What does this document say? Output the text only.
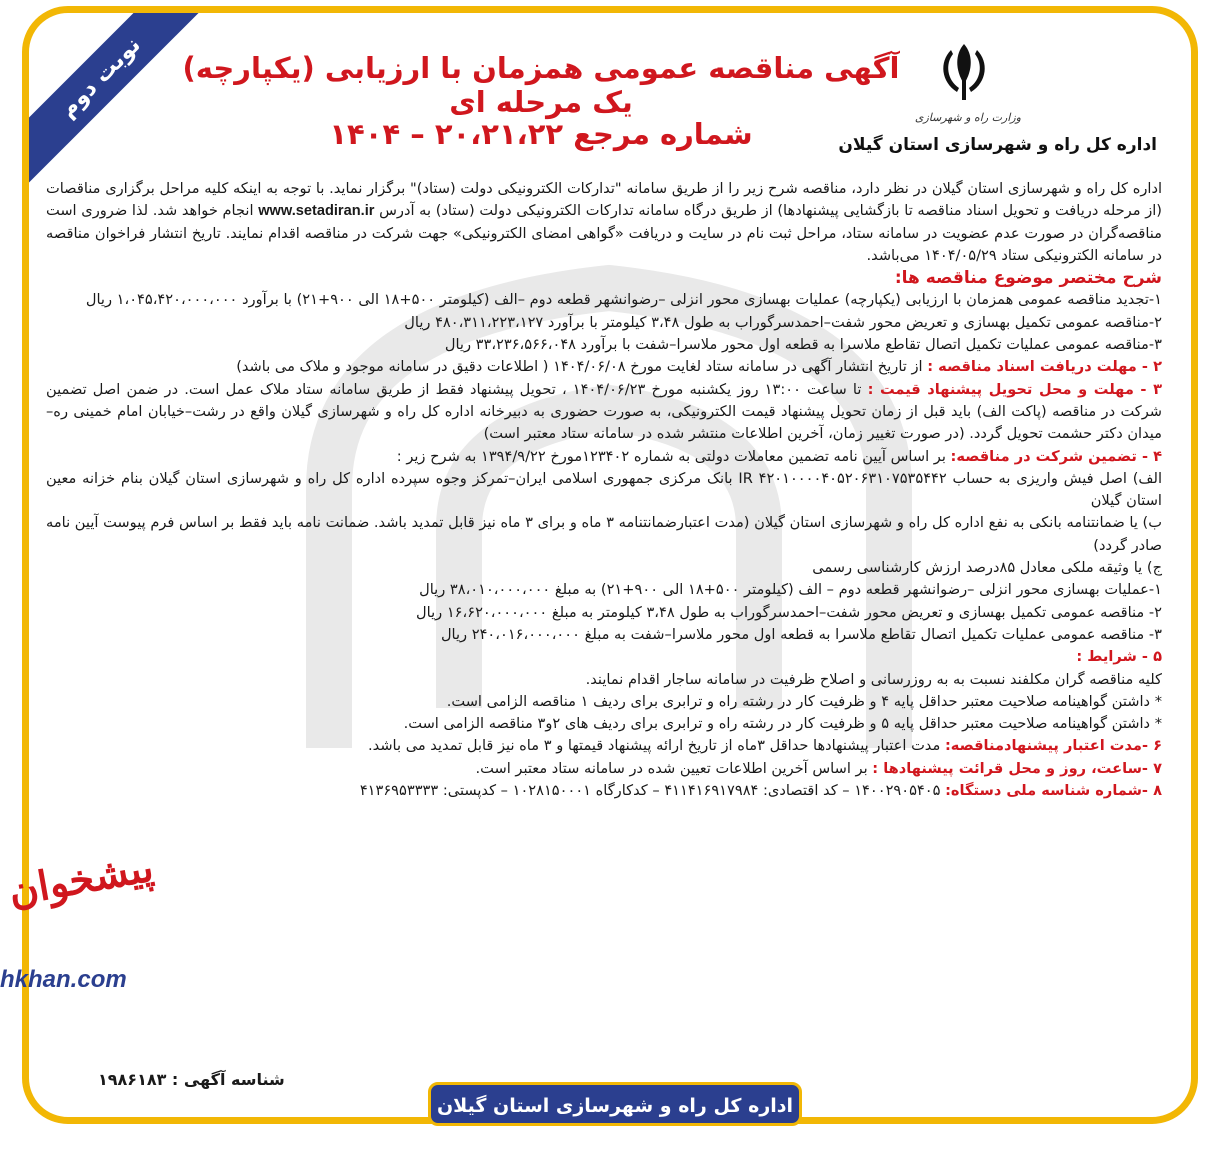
نوبت دوم	وزارت راه و شهرسازی
اداره کل راه و شهرسازی استان گیلان
آگهی مناقصه عمومی همزمان با ارزیابی (یکپارچه) یک مرحله ای
شماره مرجع ۲۰،۲۱،۲۲ – ۱۴۰۴

اداره کل راه و شهرسازی استان گیلان در نظر دارد، مناقصه شرح زیر را از طریق سامانه "تدارکات الکترونیکی دولت (ستاد)" برگزار نماید. با توجه به اینکه کلیه مراحل برگزاری مناقصات (از مرحله دریافت و تحویل اسناد مناقصه تا بازگشایی پیشنهادها) از طریق درگاه سامانه تدارکات الکترونیکی دولت (ستاد) به آدرس www.setadiran.ir انجام خواهد شد. لذا ضروری است مناقصه‌گران در صورت عدم عضویت در سامانه ستاد، مراحل ثبت نام در سایت و دریافت «گواهی امضای الکترونیکی» جهت شرکت در مناقصه اقدام نمایند. تاریخ انتشار فراخوان مناقصه در سامانه الکترونیکی ستاد ۱۴۰۴/۰۵/۲۹ می‌باشد.

شرح مختصر موضوع مناقصه ها:

۱-تجدید مناقصه عمومی همزمان با ارزیابی (یکپارچه) عملیات بهسازی محور انزلی –رضوانشهر قطعه دوم –الف (کیلومتر ۵۰۰+۱۸ الی ۹۰۰+۲۱) با برآورد ۱،۰۴۵،۴۲۰،۰۰۰،۰۰۰ ریال

۲-مناقصه عمومی تکمیل بهسازی و تعریض محور شفت–احمدسرگوراب به طول ۳،۴۸ کیلومتر با برآورد ۴۸۰،۳۱۱،۲۲۳،۱۲۷ ریال

۳-مناقصه عمومی عملیات تکمیل اتصال تقاطع ملاسرا به قطعه اول محور ملاسرا–شفت با برآورد ۳۳،۲۳۶،۵۶۶،۰۴۸ ریال

۲ - مهلت دریافت اسناد مناقصه : از تاریخ انتشار آگهی در سامانه ستاد لغایت مورخ ۱۴۰۴/۰۶/۰۸ ( اطلاعات دقیق در سامانه موجود و ملاک می باشد)

۳ - مهلت و محل تحویل پیشنهاد قیمت : تا ساعت ۱۳:۰۰ روز یکشنبه مورخ ۱۴۰۴/۰۶/۲۳ ، تحویل پیشنهاد فقط از طریق سامانه ستاد ملاک عمل است. در ضمن اصل تضمین شرکت در مناقصه (پاکت الف) باید قبل از زمان تحویل پیشنهاد قیمت الکترونیکی، به صورت حضوری به دبیرخانه اداره کل راه و شهرسازی گیلان واقع در رشت–خیابان امام خمینی ره– میدان دکتر حشمت تحویل گردد. (در صورت تغییر زمان، آخرین اطلاعات منتشر شده در سامانه ستاد معتبر است)

۴ - تضمین شرکت در مناقصه: بر اساس آیین نامه تضمین معاملات دولتی به شماره ۱۲۳۴۰۲مورخ ۱۳۹۴/۹/۲۲ به شرح زیر :

الف) اصل فیش واریزی به حساب IR ۴۲۰۱۰۰۰۰۴۰۵۲۰۶۳۱۰۷۵۳۵۴۴۲ بانک مرکزی جمهوری اسلامی ایران–تمرکز وجوه سپرده اداره کل راه و شهرسازی استان گیلان بنام خزانه معین استان گیلان

ب) یا ضمانتنامه بانکی به نفع اداره کل راه و شهرسازی استان گیلان (مدت اعتبارضمانتنامه ۳ ماه و برای ۳ ماه نیز قابل تمدید باشد. ضمانت نامه باید فقط بر اساس فرم پیوست آیین نامه صادر گردد)

ج) یا وثیقه ملکی معادل ۸۵درصد ارزش کارشناسی رسمی

۱-عملیات بهسازی محور انزلی –رضوانشهر قطعه دوم – الف (کیلومتر ۵۰۰+۱۸ الی ۹۰۰+۲۱) به مبلغ ۳۸،۰۱۰،۰۰۰،۰۰۰ ریال

۲- مناقصه عمومی تکمیل بهسازی و تعریض محور شفت–احمدسرگوراب به طول ۳،۴۸ کیلومتر به مبلغ ۱۶،۶۲۰،۰۰۰،۰۰۰ ریال

۳- مناقصه عمومی عملیات تکمیل اتصال تقاطع ملاسرا به قطعه اول محور ملاسرا–شفت به مبلغ ۲۴۰،۰۱۶،۰۰۰،۰۰۰ ریال

۵ - شرایط :

کلیه مناقصه گران مکلفند نسبت به به روزرسانی و اصلاح ظرفیت در سامانه ساجار اقدام نمایند.

* داشتن گواهینامه صلاحیت معتبر حداقل پایه ۴ و ظرفیت کار در رشته راه و ترابری برای ردیف ۱ مناقصه الزامی است.

* داشتن گواهینامه صلاحیت معتبر حداقل پایه ۵ و ظرفیت کار در رشته راه و ترابری برای ردیف های ۲و۳ مناقصه الزامی است.

۶ -مدت اعتبار پیشنهادمناقصه: مدت اعتبار پیشنهادها حداقل ۳ماه از تاریخ ارائه پیشنهاد قیمتها و ۳ ماه نیز قابل تمدید می باشد.

۷ -ساعت، روز و محل قرائت پیشنهادها : بر اساس آخرین اطلاعات تعیین شده در سامانه ستاد معتبر است.

۸ -شماره شناسه ملی دستگاه: ۱۴۰۰۲۹۰۵۴۰۵ – کد اقتصادی: ۴۱۱۴۱۶۹۱۷۹۸۴ – کدکارگاه ۱۰۲۸۱۵۰۰۰۱ – کدپستی: ۴۱۳۶۹۵۳۳۳۳

شناسه آگهی : ۱۹۸۶۱۸۳
اداره کل راه و شهرسازی استان گیلان
پیشخوان
hkhan.com
